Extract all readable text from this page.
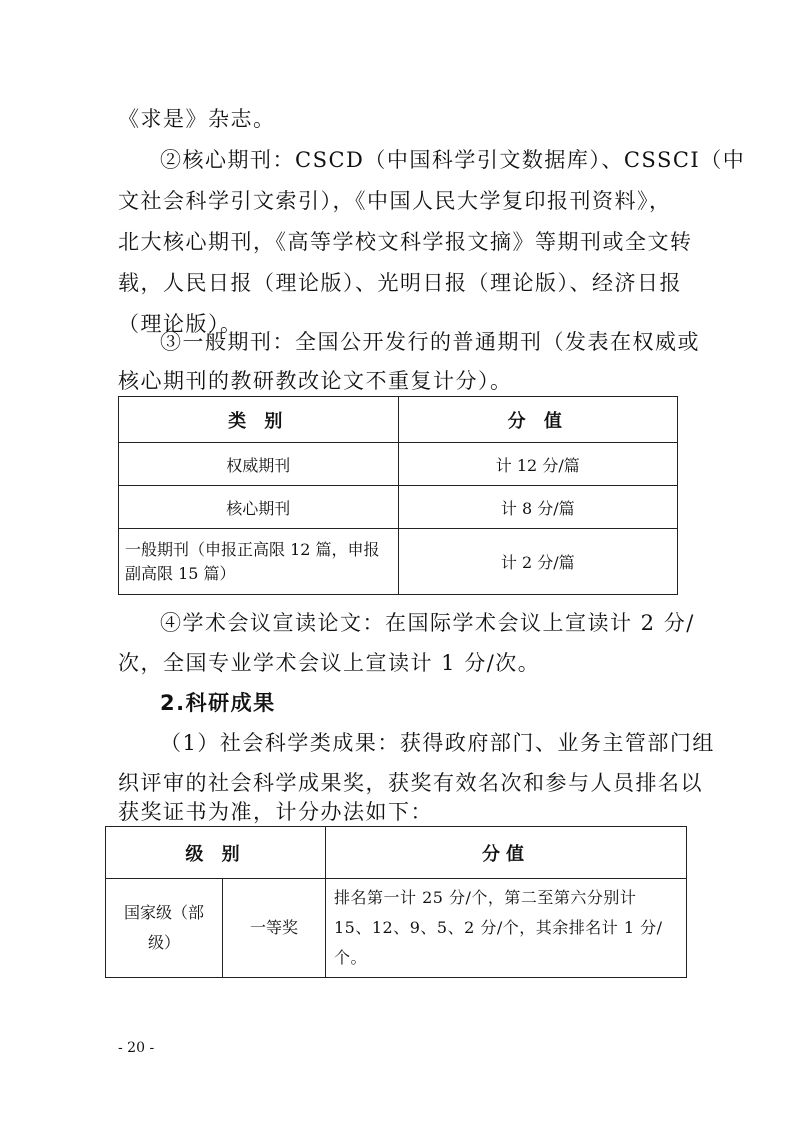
《求是》杂志。
②核心期刊：CSCD（中国科学引文数据库）、CSSCI（中
文社会科学引文索引），《中国人民大学复印报刊资料》，
北大核心期刊，《高等学校文科学报文摘》等期刊或全文转
载，人民日报（理论版）、光明日报（理论版）、经济日报
（理论版）。
③一般期刊：全国公开发行的普通期刊（发表在权威或
核心期刊的教研教改论文不重复计分）。
类 别	分 值
权威期刊	计 12 分/篇
核心期刊	计 8 分/篇
一般期刊（申报正高限 12 篇，申报副高限 15 篇）	计 2 分/篇
④学术会议宣读论文：在国际学术会议上宣读计 2 分/
次，全国专业学术会议上宣读计 1 分/次。
2.科研成果
（1）社会科学类成果：获得政府部门、业务主管部门组
织评审的社会科学成果奖，获奖有效名次和参与人员排名以
获奖证书为准，计分办法如下：
级 别		分值
国家级（部级）	一等奖	排名第一计 25 分/个，第二至第六分别计 15、12、9、5、2 分/个，其余排名计 1 分/个。
- 20 -
